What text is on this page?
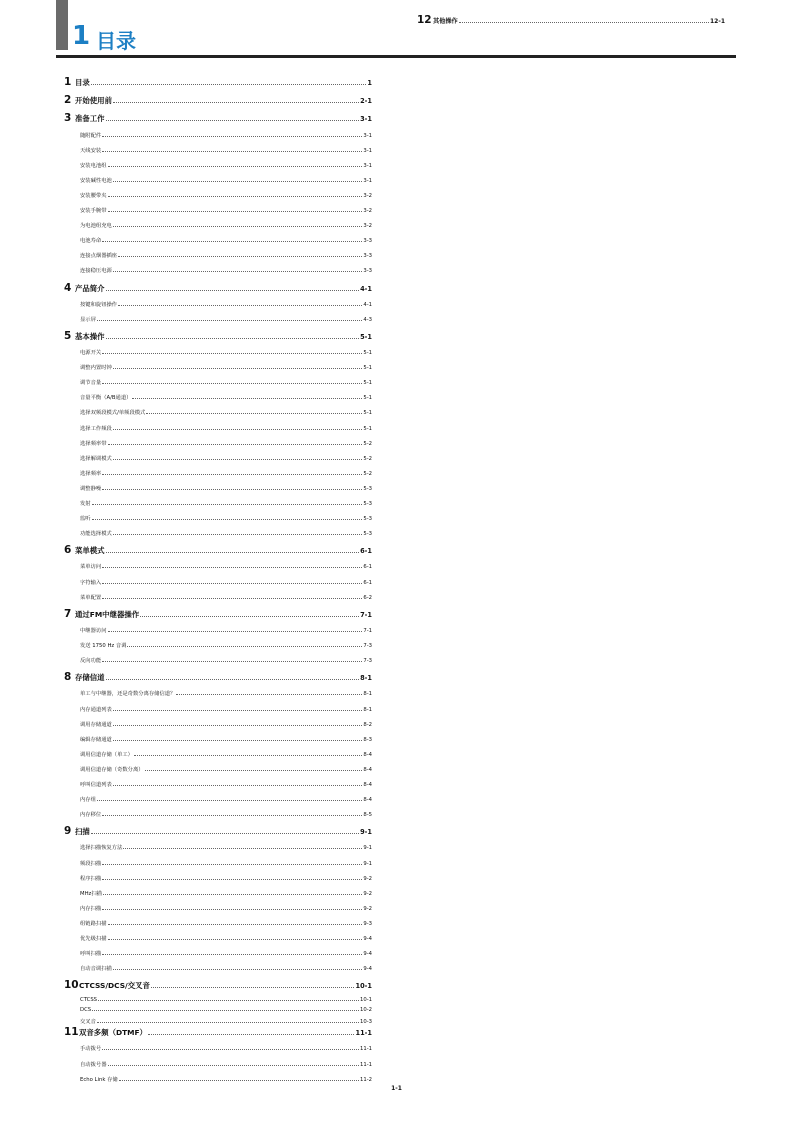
1 目录
12 其他操作	12-1
1 目录	1
2 开始使用前	2-1
3 准备工作	3-1
随附配件	3-1
天线安装	3-1
安装电池组	3-1
安装碱性电池	3-1
安装腰带夹	3-2
安装手腕带	3-2
为电池组充电	3-2
电池寿命	3-3
连接点烟器插座	3-3
连接稳压电源	3-3
4 产品简介	4-1
按键和旋钮操作	4-1
显示屏	4-3
5 基本操作	5-1
电源开关	5-1
调整内置时钟	5-1
调节音量	5-1
音量平衡（A/B通道）	5-1
选择双频段模式/单频段模式	5-1
选择工作频段	5-1
选择频率带	5-2
选择解调模式	5-2
选择频率	5-2
调整静噪	5-3
发射	5-3
监听	5-3
功能选择模式	5-3
6 菜单模式	6-1
菜单访问	6-1
字符输入	6-1
菜单配置	6-2
7 通过FM中继器操作	7-1
中继器访问	7-1
发送 1750 Hz 音调	7-3
反向功能	7-3
8 存储信道	8-1
单工与中继器，还是奇数分离存储信道？	8-1
内存通道列表	8-1
调用存储通道	8-2
编辑存储通道	8-3
调用信道存储（单工）	8-4
调用信道存储（奇数分离）	8-4
呼叫信道列表	8-4
内存组	8-4
内存移位	8-5
9 扫描	9-1
选择扫描恢复方法	9-1
频段扫描	9-1
程序扫描	9-2
MHz扫描	9-2
内存扫描	9-2
组链路扫描	9-3
优先级扫描	9-4
呼叫扫描	9-4
自动音调扫描	9-4
10 CTCSS/DCS/交叉音	10-1
CTCSS	10-1
DCS	10-2
交叉音	10-3
11 双音多频（DTMF）	11-1
手动拨号	11-1
自动拨号器	11-1
Echo Link 存储	11-2
1-1
